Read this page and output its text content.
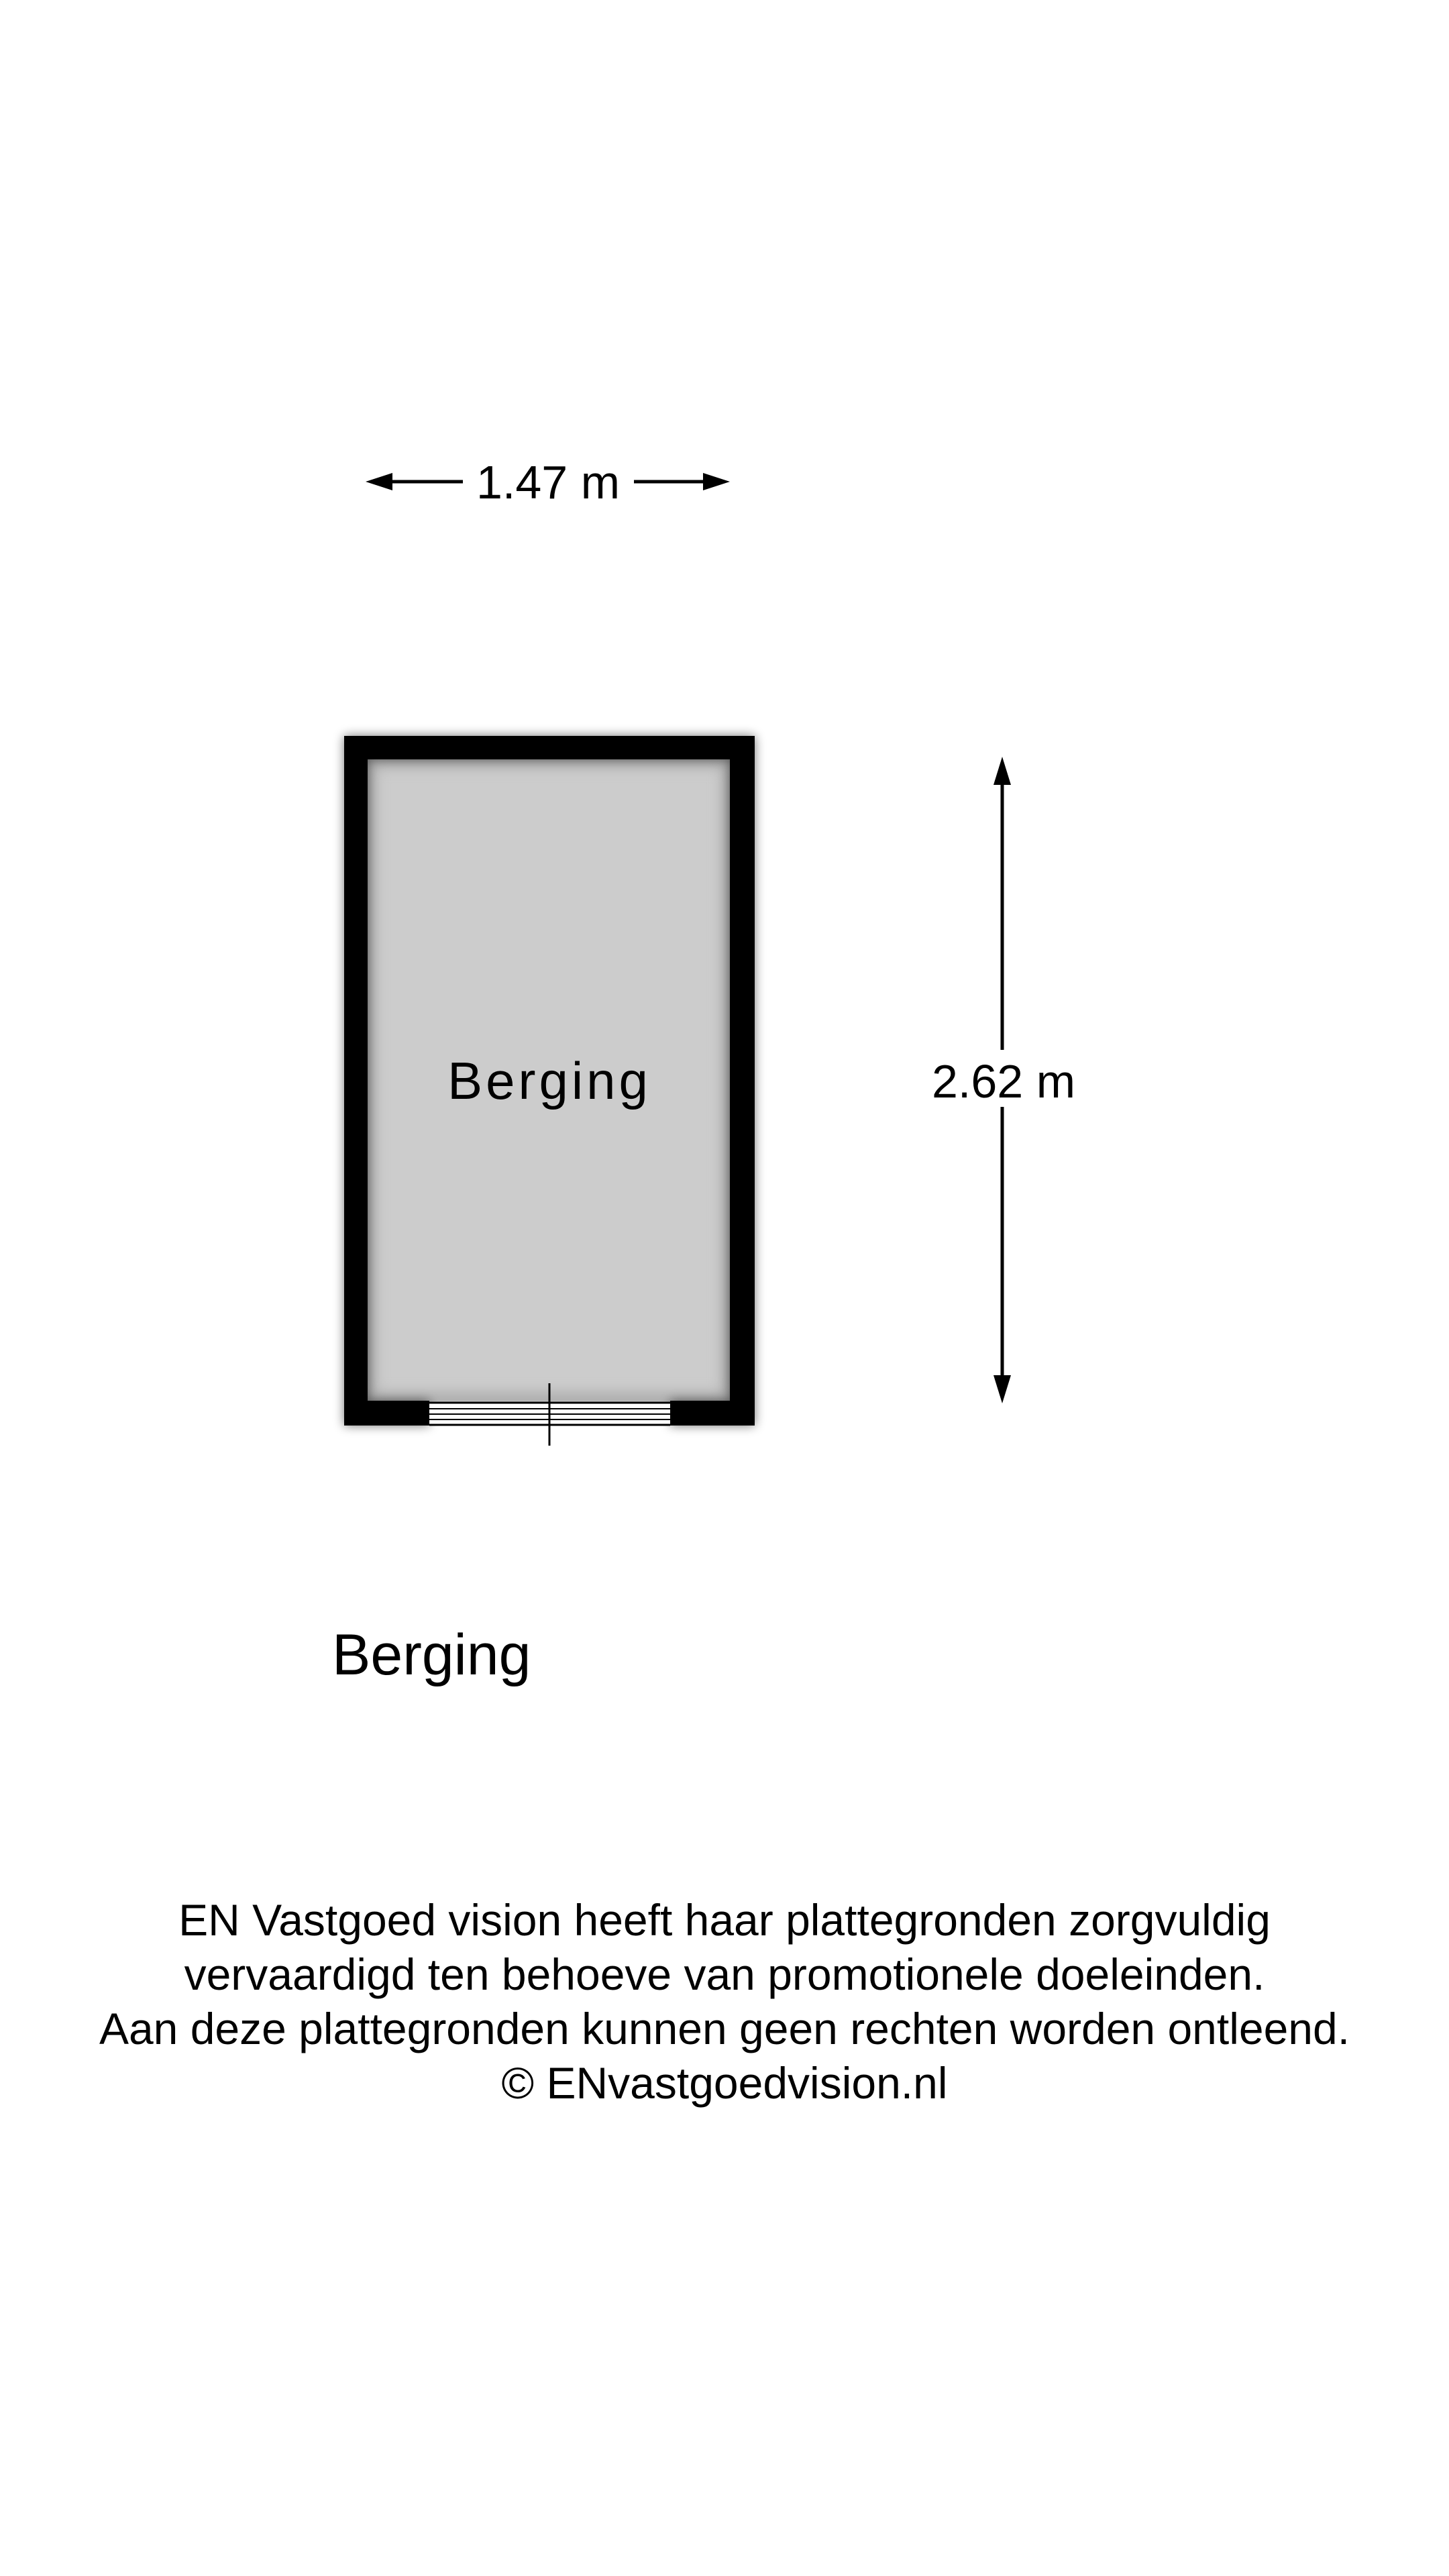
1.47 m
2.62 m
Berging
Berging
EN Vastgoed vision heeft haar plattegronden zorgvuldig
vervaardigd ten behoeve van promotionele doeleinden.
Aan deze plattegronden kunnen geen rechten worden ontleend.
© ENvastgoedvision.nl
